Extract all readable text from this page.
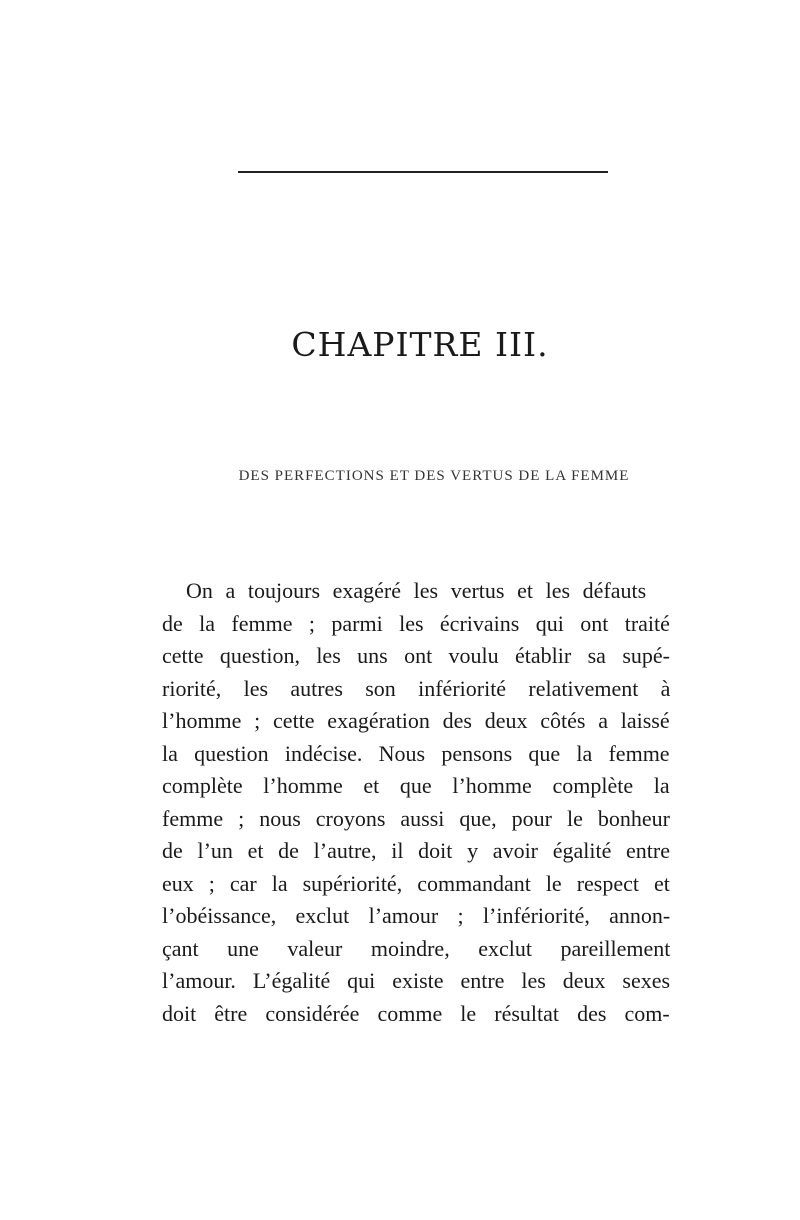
CHAPITRE III.
DES PERFECTIONS ET DES VERTUS DE LA FEMME
On a toujours exagéré les vertus et les défauts
de la femme ; parmi les écrivains qui ont traité
cette question, les uns ont voulu établir sa supé-
riorité, les autres son infériorité relativement à
l’homme ; cette exagération des deux côtés a laissé
la question indécise. Nous pensons que la femme
complète l’homme et que l’homme complète la
femme ; nous croyons aussi que, pour le bonheur
de l’un et de l’autre, il doit y avoir égalité entre
eux ; car la supériorité, commandant le respect et
l’obéissance, exclut l’amour ; l’infériorité, annon-
çant une valeur moindre, exclut pareillement
l’amour. L’égalité qui existe entre les deux sexes
doit être considérée comme le résultat des com-
